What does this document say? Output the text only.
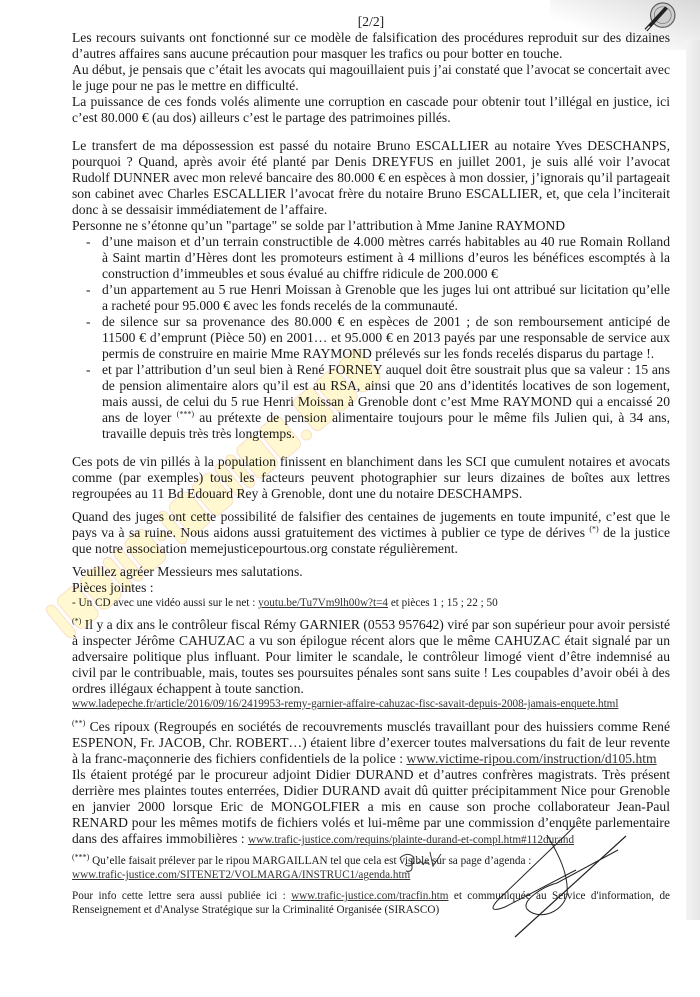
[2/2]

Les recours suivants ont fonctionné sur ce modèle de falsification des procédures reproduit sur des dizaines d’autres affaires sans aucune précaution pour masquer les trafics ou pour botter en touche.

Au début, je pensais que c’était les avocats qui magouillaient puis j’ai constaté que l’avocat se concertait avec le juge pour ne pas le mettre en difficulté.

La puissance de ces fonds volés alimente une corruption en cascade pour obtenir tout l’illégal en justice, ici c’est 80.000 € (au dos) ailleurs c’est le partage des patrimoines pillés.

Le transfert de ma dépossession est passé du notaire Bruno ESCALLIER au notaire Yves DESCHANPS, pourquoi ? Quand, après avoir été planté par Denis DREYFUS en juillet 2001, je suis allé voir l’avocat Rudolf DUNNER avec mon relevé bancaire des 80.000 € en espèces à mon dossier, j’ignorais qu’il partageait son cabinet avec Charles ESCALLIER l’avocat frère du notaire Bruno ESCALLIER, et, que cela l’inciterait donc à se dessaisir immédiatement de l’affaire.

Personne ne s’étonne qu’un "partage" se solde par l’attribution à Mme Janine RAYMOND

- d’une maison et d’un terrain constructible de 4.000 mètres carrés habitables au 40 rue Romain Rolland à Saint martin d’Hères dont les promoteurs estiment à 4 millions d’euros les bénéfices escomptés à la construction d’immeubles et sous évalué au chiffre ridicule de 200.000 €
- d’un appartement au 5 rue Henri Moissan à Grenoble que les juges lui ont attribué sur licitation qu’elle a racheté pour 95.000 € avec les fonds recelés de la communauté.
- de silence sur sa provenance des 80.000 € en espèces de 2001 ; de son remboursement anticipé de 11500 € d’emprunt (Pièce 50) en 2001… et 95.000 € en 2013 payés par une responsable de service aux permis de construire en mairie Mme RAYMOND prélevés sur les fonds recelés disparus du partage !.
- et par l’attribution d’un seul bien à René FORNEY auquel doit être soustrait plus que sa valeur : 15 ans de pension alimentaire alors qu’il est au RSA, ainsi que 20 ans d’identités locatives de son logement, mais aussi, de celui du 5 rue Henri Moissan à Grenoble dont c’est Mme RAYMOND qui a encaissé 20 ans de loyer (***) au prétexte de pension alimentaire toujours pour le même fils Julien qui, à 34 ans, travaille depuis très très longtemps.

Ces pots de vin pillés à la population finissent en blanchiment dans les SCI que cumulent notaires et avocats comme (par exemples) tous les facteurs peuvent photographier sur leurs dizaines de boîtes aux lettres regroupées au 11 Bd Edouard Rey à Grenoble, dont une du notaire DESCHAMPS.

Quand des juges ont cette possibilité de falsifier des centaines de jugements en toute impunité, c’est que le pays va à sa ruine. Nous aidons aussi gratuitement des victimes à publier ce type de dérives (*) de la justice que notre association memejusticepourtous.org constate régulièrement.

Veuillez agréer Messieurs mes salutations.

Pièces jointes :

- Un CD avec une vidéo aussi sur le net : youtu.be/Tu7Vm9lh00w?t=4 et pièces 1 ; 15 ; 22 ; 50

(*) Il y a dix ans le contrôleur fiscal Rémy GARNIER (0553 957642) viré par son supérieur pour avoir persisté à inspecter Jérôme CAHUZAC a vu son épilogue récent alors que le même CAHUZAC était signalé par un adversaire politique plus influant. Pour limiter le scandale, le contrôleur limogé vient d’être indemnisé au civil par le contribuable, mais, toutes ses poursuites pénales sont sans suite ! Les coupables d’avoir obéi à des ordres illégaux échappent à toute sanction.

www.ladepeche.fr/article/2016/09/16/2419953-remy-garnier-affaire-cahuzac-fisc-savait-depuis-2008-jamais-enquete.html

(**) Ces ripoux (Regroupés en sociétés de recouvrements musclés travaillant pour des huissiers comme René ESPENON, Fr. JACOB, Chr. ROBERT…) étaient libre d’exercer toutes malversations du fait de leur revente à la franc-maçonnerie des fichiers confidentiels de la police : www.victime-ripou.com/instruction/d105.htm

Ils étaient protégé par le procureur adjoint Didier DURAND et d’autres confrères magistrats. Très présent derrière mes plaintes toutes enterrées, Didier DURAND avait dû quitter précipitamment Nice pour Grenoble en janvier 2000 lorsque Eric de MONGOLFIER a mis en cause son proche collaborateur Jean-Paul RENARD pour les mêmes motifs de fichiers volés et lui-même par une commission d’enquête parlementaire dans des affaires immobilières : www.trafic-justice.com/requins/plainte-durand-et-compl.htm#112durand

(***) Qu’elle faisait prélever par le ripou MARGAILLAN tel que cela est visible sur sa page d’agenda :

www.trafic-justice.com/SITENET2/VOLMARGA/INSTRUC1/agenda.htm

Pour info cette lettre sera aussi publiée ici : www.trafic-justice.com/tracfin.htm et communiquée au Service d'information, de Renseignement et d'Analyse Stratégique sur la Criminalité Organisée (SIRASCO)
